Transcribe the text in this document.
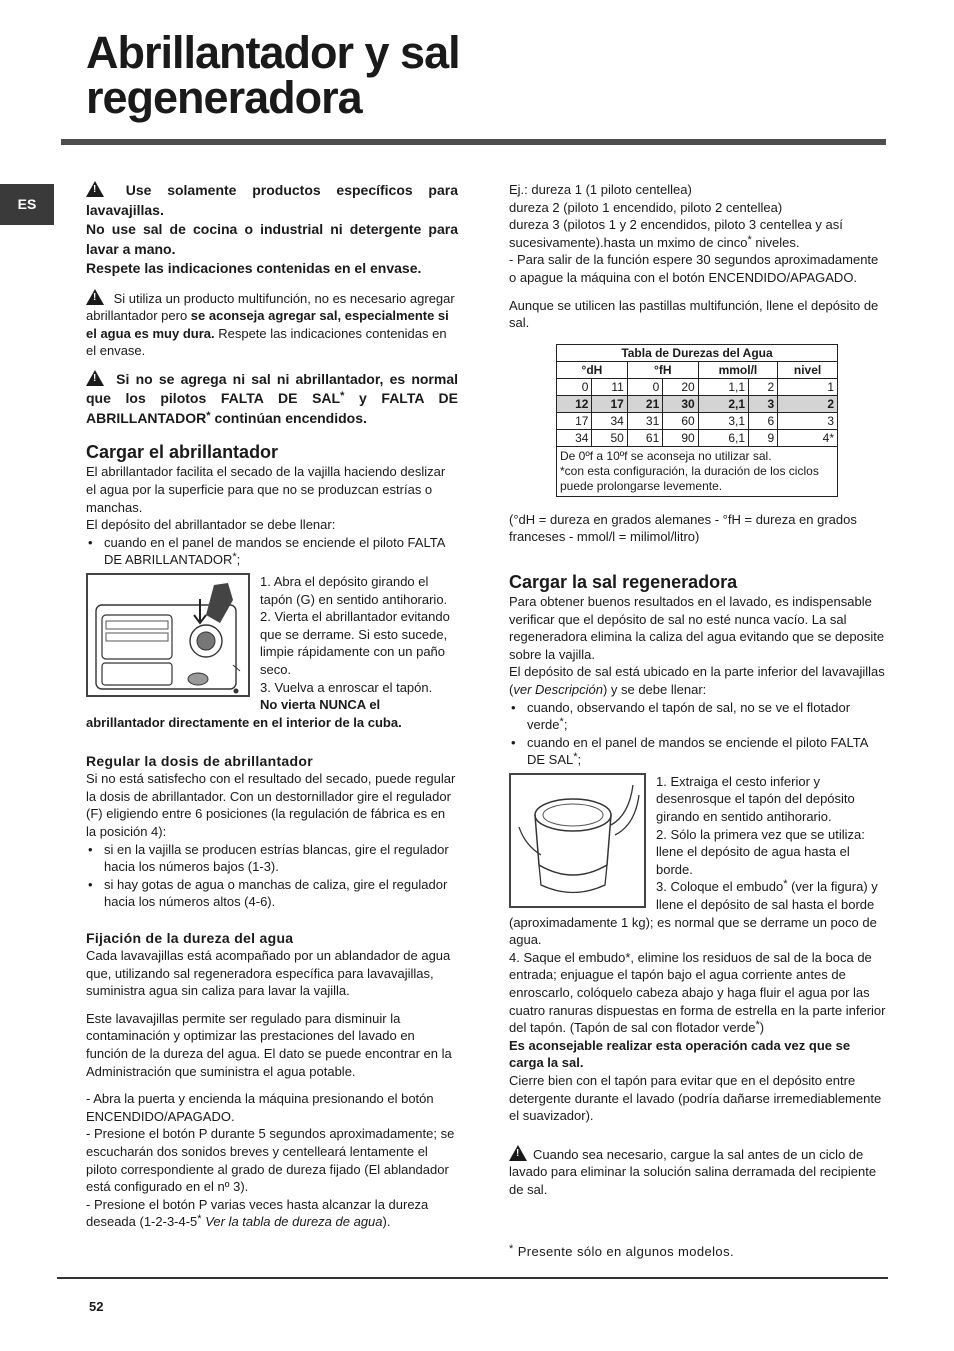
Abrillantador y sal
regeneradora
ES

! Use solamente productos específicos para lavavajillas.
No use sal de cocina o industrial ni detergente para lavar a mano.
Respete las indicaciones contenidas en el envase.

! Si utiliza un producto multifunción, no es necesario agregar abrillantador pero se aconseja agregar sal, especialmente si el agua es muy dura. Respete las indicaciones contenidas en el envase.

! Si no se agrega ni sal ni abrillantador, es normal que los pilotos FALTA DE SAL* y FALTA DE ABRILLANTADOR* continúan encendidos.

Cargar el abrillantador

El abrillantador facilita el secado de la vajilla haciendo deslizar el agua por la superficie para que no se produzcan estrías o manchas.

El depósito del abrillantador se debe llenar:

• cuando en el panel de mandos se enciende el piloto FALTA DE ABRILLANTADOR*;

1. Abra el depósito girando el tapón (G) en sentido antihorario.

2. Vierta el abrillantador evitando que se derrame. Si esto sucede, limpie rápidamente con un paño seco.

3. Vuelva a enroscar el tapón.

No vierta NUNCA el abrillantador directamente en el interior de la cuba.

Regular la dosis de abrillantador

Si no está satisfecho con el resultado del secado, puede regular la dosis de abrillantador. Con un destornillador gire el regulador (F) eligiendo entre 6 posiciones (la regulación de fábrica es en la posición 4):

• si en la vajilla se producen estrías blancas, gire el regulador hacia los números bajos (1-3).

• si hay gotas de agua o manchas de caliza, gire el regulador hacia los números altos (4-6).

Fijación de la dureza del agua

Cada lavavajillas está acompañado por un ablandador de agua que, utilizando sal regeneradora específica para lavavajillas, suministra agua sin caliza para lavar la vajilla.

Este lavavajillas permite ser regulado para disminuir la contaminación y optimizar las prestaciones del lavado en función de la dureza del agua. El dato se puede encontrar en la Administración que suministra el agua potable.

- Abra la puerta y encienda la máquina presionando el botón ENCENDIDO/APAGADO.

- Presione el botón P durante 5 segundos aproximadamente; se escucharán dos sonidos breves y centelleará lentamente el piloto correspondiente al grado de dureza fijado (El ablandador está configurado en el nº 3).

- Presione el botón P varias veces hasta alcanzar la dureza deseada (1-2-3-4-5* Ver la tabla de dureza de agua).

Ej.: dureza 1 (1 piloto centellea)

dureza 2 (piloto 1 encendido, piloto 2 centellea)

dureza 3 (pilotos 1 y 2 encendidos, piloto 3 centellea y así sucesivamente).hasta un mximo de cinco* niveles.

- Para salir de la función espere 30 segundos aproximadamente o apague la máquina con el botón ENCENDIDO/APAGADO.

Aunque se utilicen las pastillas multifunción, llene el depósito de sal.

Tabla de Durezas del Agua						
°dH		°fH		mmol/l		nivel
0	11	0	20	1,1	2	1
12	17	21	30	2,1	3	2
17	34	31	60	3,1	6	3
34	50	61	90	6,1	9	4*
De 0ºf a 10ºf se aconseja no utilizar sal.
*con esta configuración, la duración de los ciclos puede prolongarse levemente.						

(°dH = dureza en grados alemanes - °fH = dureza en grados franceses - mmol/l = milimol/litro)

Cargar la sal regeneradora

Para obtener buenos resultados en el lavado, es indispensable verificar que el depósito de sal no esté nunca vacío. La sal regeneradora elimina la caliza del agua evitando que se deposite sobre la vajilla.

El depósito de sal está ubicado en la parte inferior del lavavajillas (ver Descripción) y se debe llenar:

• cuando, observando el tapón de sal, no se ve el flotador verde*;

• cuando en el panel de mandos se enciende el piloto FALTA DE SAL*;

1. Extraiga el cesto inferior y desenrosque el tapón del depósito girando en sentido antihorario.

2. Sólo la primera vez que se utiliza: llene el depósito de agua hasta el borde.

3. Coloque el embudo* (ver la figura) y llene el depósito de sal hasta el borde (aproximadamente 1 kg); es normal que se derrame un poco de agua.

4. Saque el embudo*, elimine los residuos de sal de la boca de entrada; enjuague el tapón bajo el agua corriente antes de enroscarlo, colóquelo cabeza abajo y haga fluir el agua por las cuatro ranuras dispuestas en forma de estrella en la parte inferior del tapón. (Tapón de sal con flotador verde*)

Es aconsejable realizar esta operación cada vez que se carga la sal.

Cierre bien con el tapón para evitar que en el depósito entre detergente durante el lavado (podría dañarse irremediablemente el suavizador).

!Cuando sea necesario, cargue la sal antes de un ciclo de lavado para eliminar la solución salina derramada del recipiente de sal.

* Presente sólo en algunos modelos.

52
